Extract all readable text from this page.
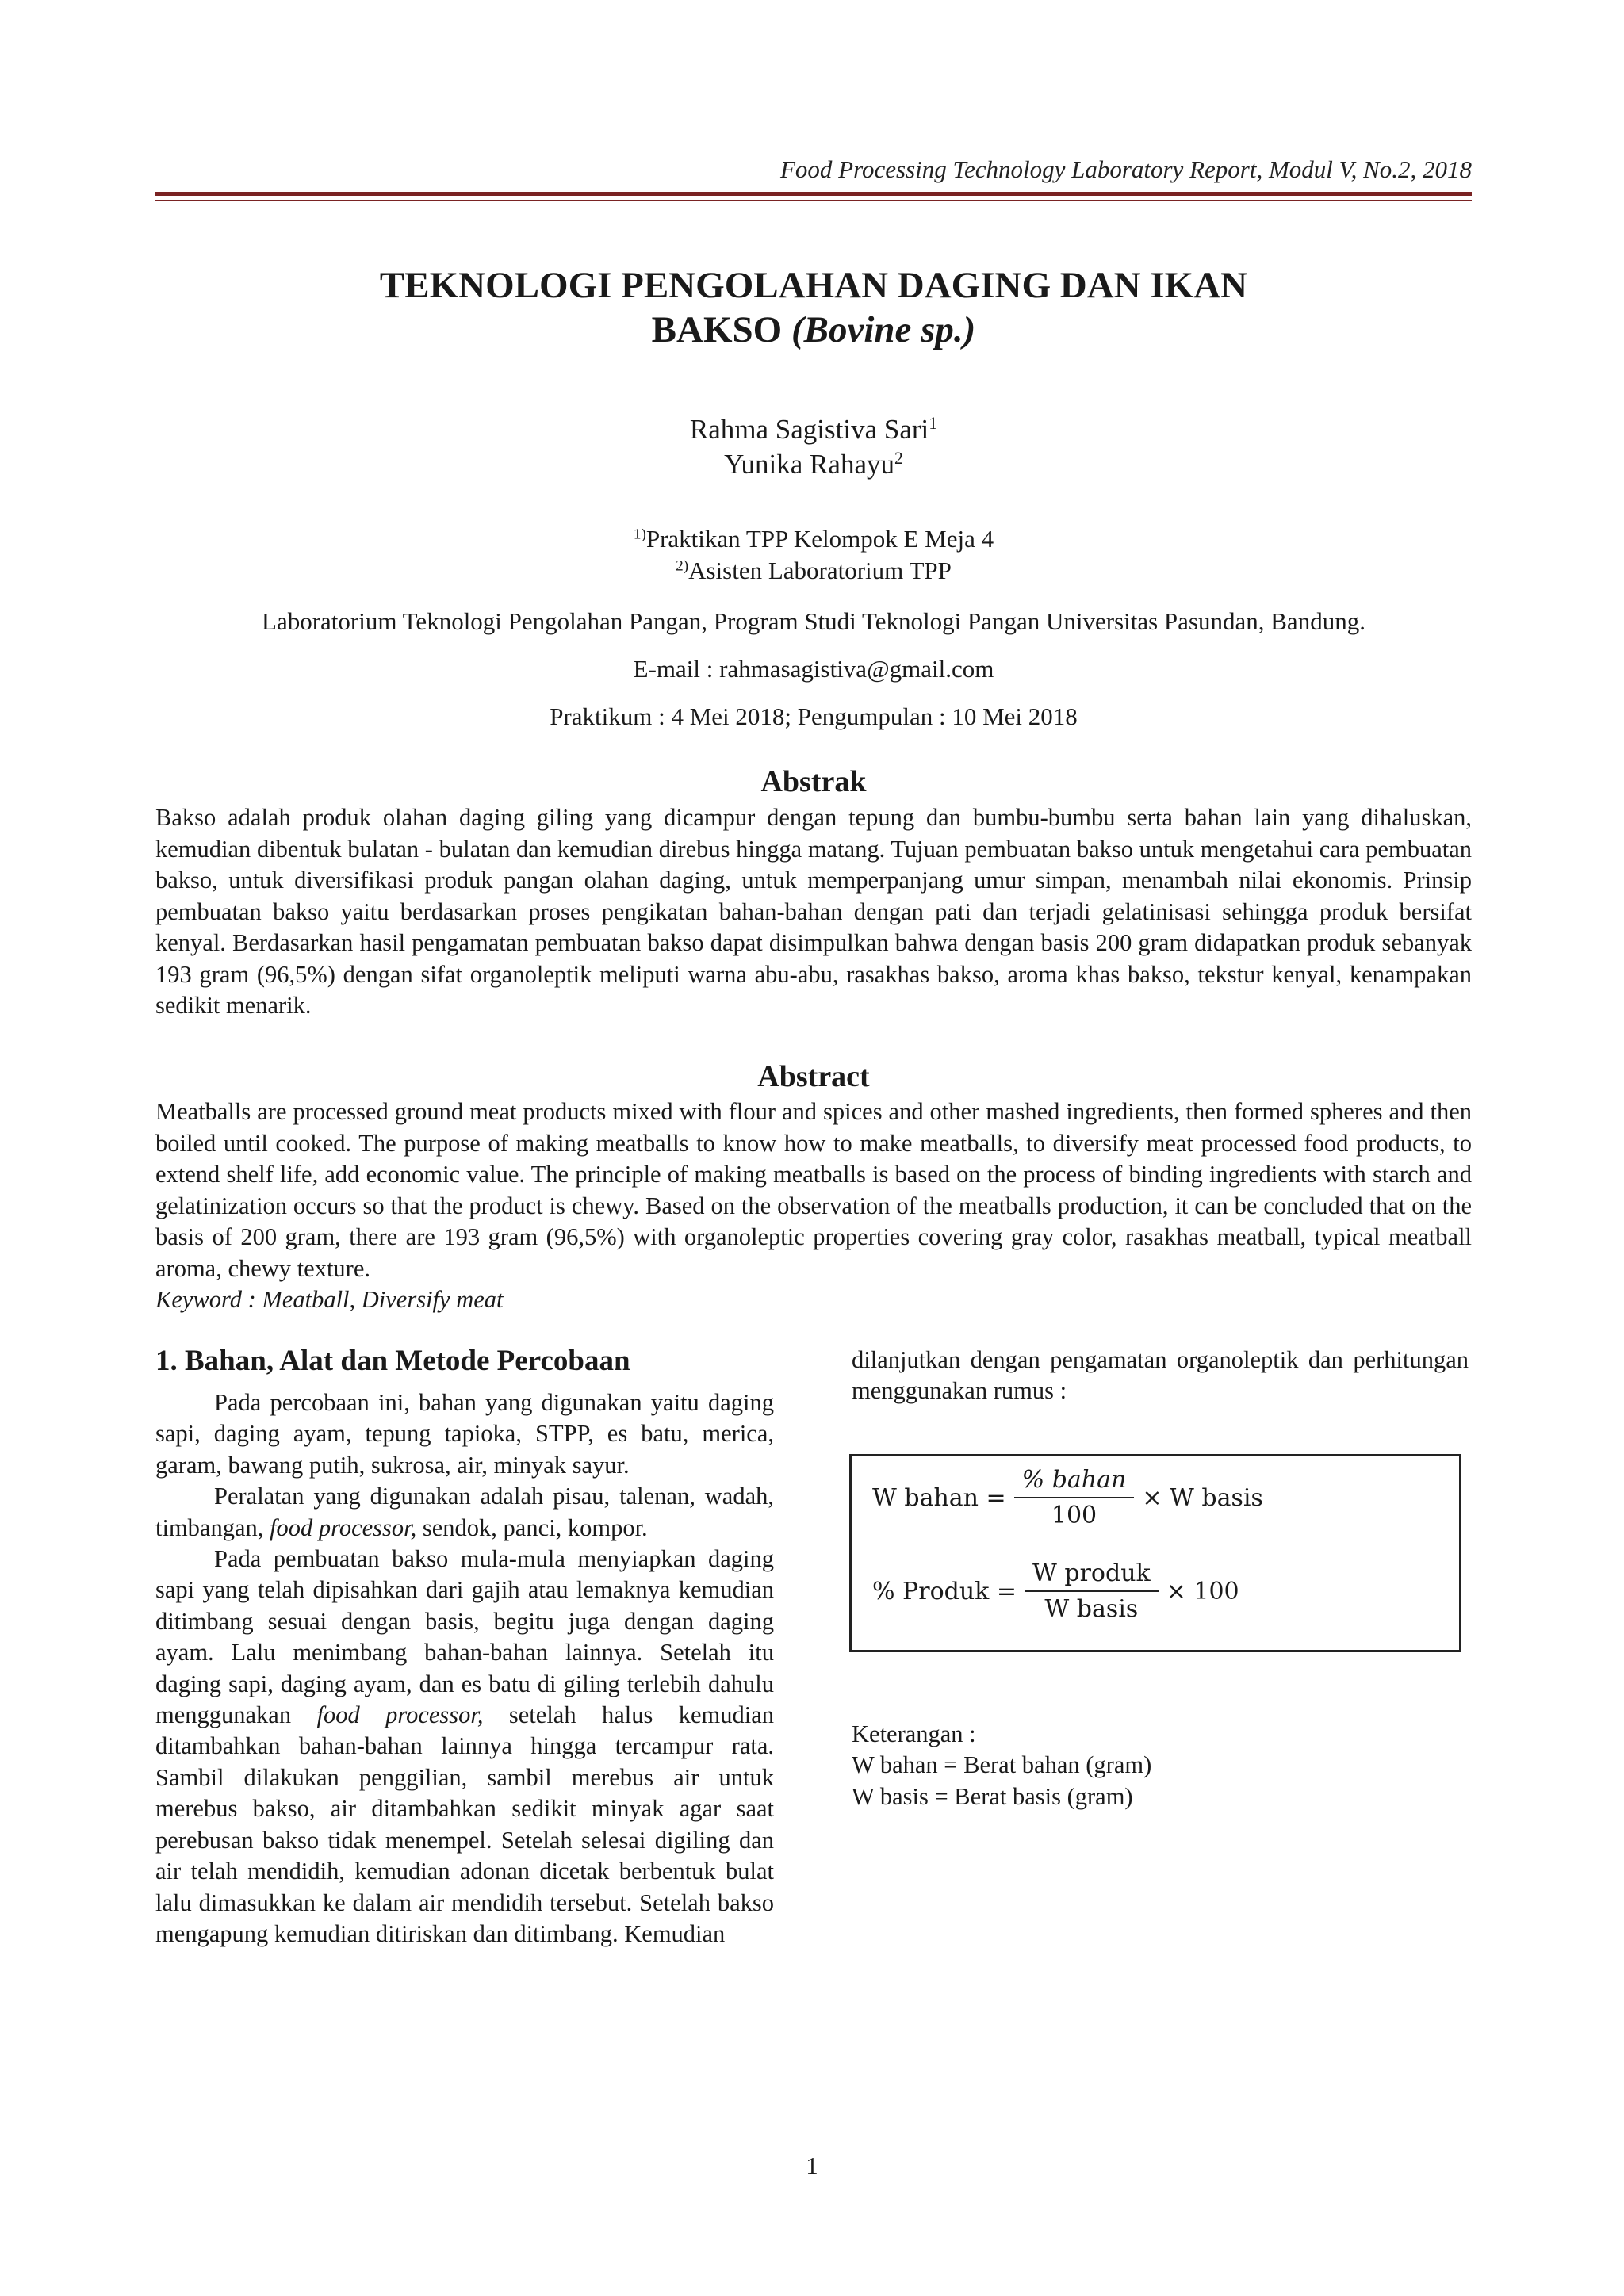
Food Processing Technology Laboratory Report, Modul V, No.2, 2018
TEKNOLOGI PENGOLAHAN DAGING DAN IKAN
BAKSO (Bovine sp.)
Rahma Sagistiva Sari$^1$
Yunika Rahayu$^2$
$^{1)}$Praktikan TPP Kelompok E Meja 4
$^{2)}$Asisten Laboratorium TPP
Laboratorium Teknologi Pengolahan Pangan, Program Studi Teknologi Pangan Universitas Pasundan, Bandung.
E-mail : rahmasagistiva@gmail.com
Praktikum : 4 Mei 2018; Pengumpulan : 10 Mei 2018
Abstrak

Bakso adalah produk olahan daging giling yang dicampur dengan tepung dan bumbu-bumbu serta bahan lain yang dihaluskan, kemudian dibentuk bulatan - bulatan dan kemudian direbus hingga matang. Tujuan pembuatan bakso untuk mengetahui cara pembuatan bakso, untuk diversifikasi produk pangan olahan daging, untuk memperpanjang umur simpan, menambah nilai ekonomis. Prinsip pembuatan bakso yaitu berdasarkan proses pengikatan bahan-bahan dengan pati dan terjadi gelatinisasi sehingga produk bersifat kenyal. Berdasarkan hasil pengamatan pembuatan bakso dapat disimpulkan bahwa dengan basis 200 gram didapatkan produk sebanyak 193 gram (96,5%) dengan sifat organoleptik meliputi warna abu-abu, rasakhas bakso, aroma khas bakso, tekstur kenyal, kenampakan sedikit menarik.

Abstract

Meatballs are processed ground meat products mixed with flour and spices and other mashed ingredients, then formed spheres and then boiled until cooked. The purpose of making meatballs to know how to make meatballs, to diversify meat processed food products, to extend shelf life, add economic value. The principle of making meatballs is based on the process of binding ingredients with starch and gelatinization occurs so that the product is chewy. Based on the observation of the meatballs production, it can be concluded that on the basis of 200 gram, there are 193 gram (96,5%) with organoleptic properties covering gray color, rasakhas meatball, typical meatball aroma, chewy texture.

Keyword : Meatball, Diversify meat

1. Bahan, Alat dan Metode Percobaan

Pada percobaan ini, bahan yang digunakan yaitu daging sapi, daging ayam, tepung tapioka, STPP, es batu, merica, garam, bawang putih, sukrosa, air, minyak sayur.

Peralatan yang digunakan adalah pisau, talenan, wadah, timbangan, food processor, sendok, panci, kompor.

Pada pembuatan bakso mula-mula menyiapkan daging sapi yang telah dipisahkan dari gajih atau lemaknya kemudian ditimbang sesuai dengan basis, begitu juga dengan daging ayam. Lalu menimbang bahan-bahan lainnya. Setelah itu daging sapi, daging ayam, dan es batu di giling terlebih dahulu menggunakan food processor, setelah halus kemudian ditambahkan bahan-bahan lainnya hingga tercampur rata. Sambil dilakukan penggilian, sambil merebus air untuk merebus bakso, air ditambahkan sedikit minyak agar saat perebusan bakso tidak menempel. Setelah selesai digiling dan air telah mendidih, kemudian adonan dicetak berbentuk bulat lalu dimasukkan ke dalam air mendidih tersebut. Setelah bakso mengapung kemudian ditiriskan dan ditimbang. Kemudian

dilanjutkan dengan pengamatan organoleptik dan perhitungan menggunakan rumus :

W bahan = $\frac{\text{\% bahan}}{100} \times W$ basis
% Produk = $\frac{\text{W produk}}{\text{W basis}} \times 100$
Keterangan :
W bahan = Berat bahan (gram)
W basis = Berat basis (gram)
1
